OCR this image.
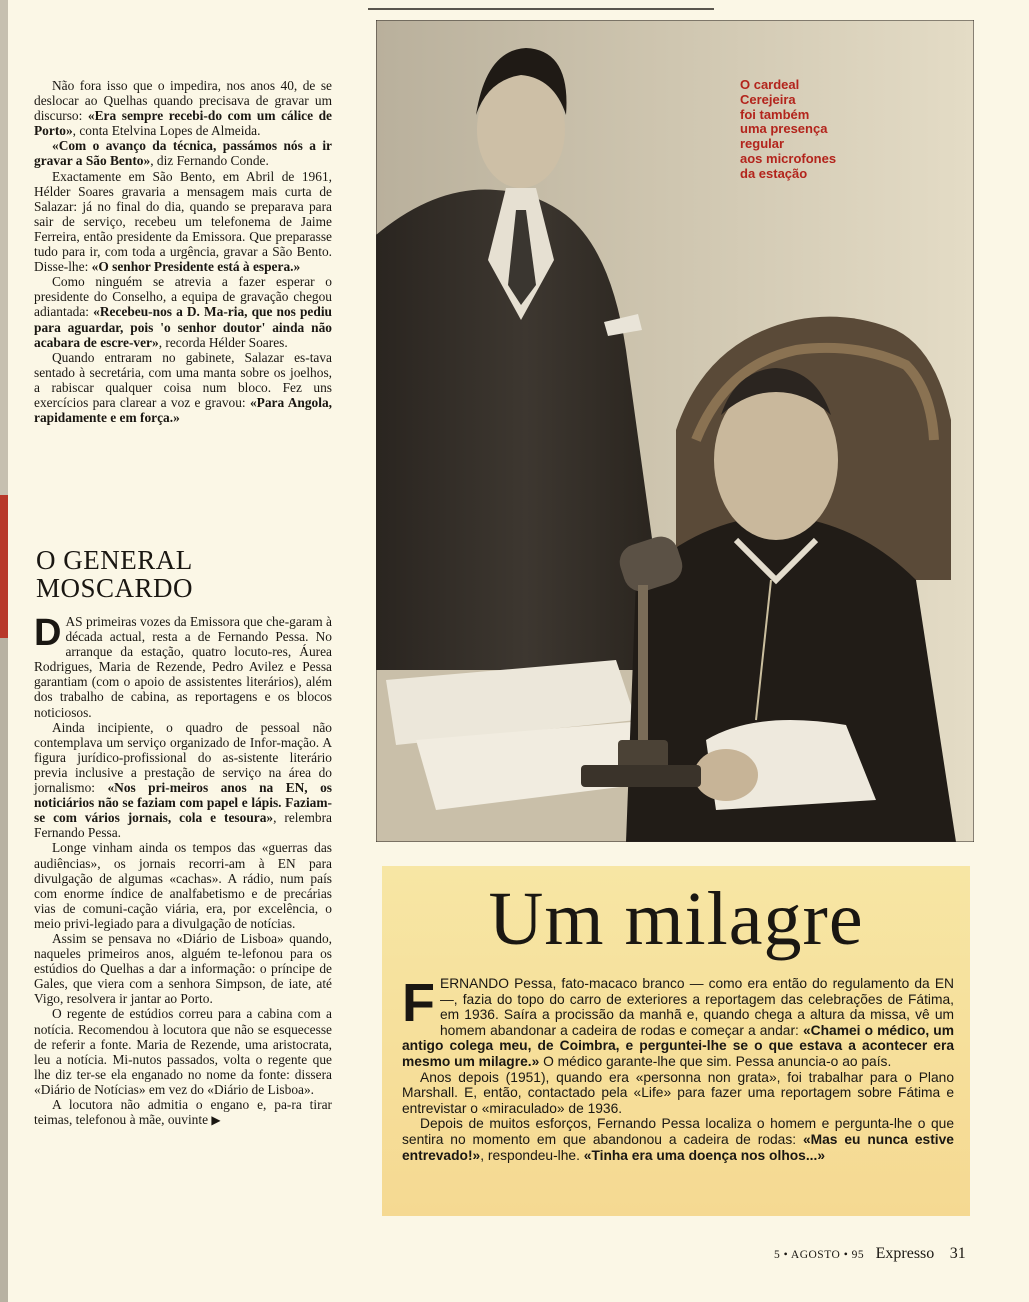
Não fora isso que o impedira, nos anos 40, de se deslocar ao Quelhas quando precisava de gravar um discurso: «Era sempre recebi-do com um cálice de Porto», conta Etelvina Lopes de Almeida.

«Com o avanço da técnica, passámos nós a ir gravar a São Bento», diz Fernando Conde.

Exactamente em São Bento, em Abril de 1961, Hélder Soares gravaria a mensagem mais curta de Salazar: já no final do dia, quando se preparava para sair de serviço, recebeu um telefonema de Jaime Ferreira, então presidente da Emissora. Que preparasse tudo para ir, com toda a urgência, gravar a São Bento. Disse-lhe: «O senhor Presidente está à espera.»

Como ninguém se atrevia a fazer esperar o presidente do Conselho, a equipa de gravação chegou adiantada: «Recebeu-nos a D. Ma-ria, que nos pediu para aguardar, pois 'o senhor doutor' ainda não acabara de escre-ver», recorda Hélder Soares.

Quando entraram no gabinete, Salazar es-tava sentado à secretária, com uma manta sobre os joelhos, a rabiscar qualquer coisa num bloco. Fez uns exercícios para clarear a voz e gravou: «Para Angola, rapidamente e em força.»

O GENERAL
MOSCARDO

DAS primeiras vozes da Emissora que che-garam à década actual, resta a de Fernando Pessa. No arranque da estação, quatro locuto-res, Áurea Rodrigues, Maria de Rezende, Pedro Avilez e Pessa garantiam (com o apoio de assistentes literários), além dos trabalho de cabina, as reportagens e os blocos noticiosos.

Ainda incipiente, o quadro de pessoal não contemplava um serviço organizado de Infor-mação. A figura jurídico-profissional do as-sistente literário previa inclusive a prestação de serviço na área do jornalismo: «Nos pri-meiros anos na EN, os noticiários não se faziam com papel e lápis. Faziam-se com vários jornais, cola e tesoura», relembra Fernando Pessa.

Longe vinham ainda os tempos das «guerras das audiências», os jornais recorri-am à EN para divulgação de algumas «cachas». A rádio, num país com enorme índice de analfabetismo e de precárias vias de comuni-cação viária, era, por excelência, o meio privi-legiado para a divulgação de notícias.

Assim se pensava no «Diário de Lisboa» quando, naqueles primeiros anos, alguém te-lefonou para os estúdios do Quelhas a dar a informação: o príncipe de Gales, que viera com a senhora Simpson, de iate, até Vigo, resolvera ir jantar ao Porto.

O regente de estúdios correu para a cabina com a notícia. Recomendou à locutora que não se esquecesse de referir a fonte. Maria de Rezende, uma aristocrata, leu a notícia. Mi-nutos passados, volta o regente que lhe diz ter-se ela enganado no nome da fonte: dissera «Diário de Notícias» em vez do «Diário de Lisboa».

A locutora não admitia o engano e, pa-ra tirar teimas, telefonou à mãe, ouvinte ▶

O cardeal
Cerejeira
foi também
uma presença
regular
aos microfones
da estação
Um milagre

FERNANDO Pessa, fato-macaco branco — como era então do regulamento da EN —, fazia do topo do carro de exteriores a reportagem das celebrações de Fátima, em 1936. Saíra a procissão da manhã e, quando chega a altura da missa, vê um homem abandonar a cadeira de rodas e começar a andar: «Chamei o médico, um antigo colega meu, de Coimbra, e perguntei-lhe se o que estava a acontecer era mesmo um milagre.» O médico garante-lhe que sim. Pessa anuncia-o ao país.

Anos depois (1951), quando era «personna non grata», foi trabalhar para o Plano Marshall. E, então, contactado pela «Life» para fazer uma reportagem sobre Fátima e entrevistar o «miraculado» de 1936.

Depois de muitos esforços, Fernando Pessa localiza o homem e pergunta-lhe o que sentira no momento em que abandonou a cadeira de rodas: «Mas eu nunca estive entrevado!», respondeu-lhe. «Tinha era uma doença nos olhos...»

5 • AGOSTO • 95 Expresso 31
